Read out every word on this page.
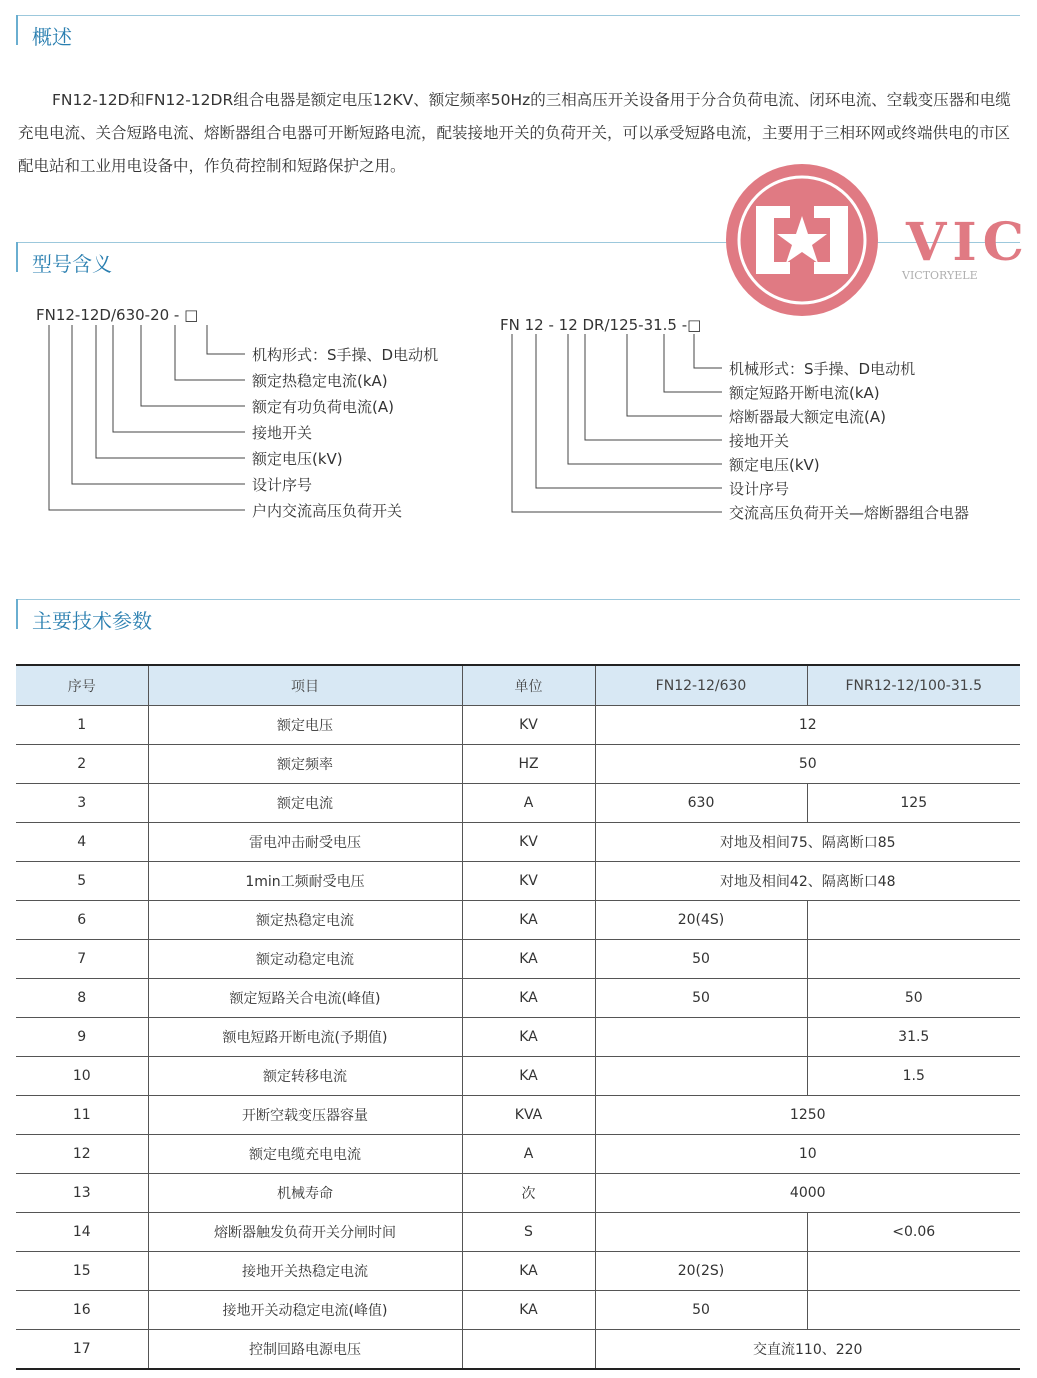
概述
FN12-12D和FN12-12DR组合电器是额定电压12KV、额定频率50Hz的三相高压开关设备用于分合负荷电流、闭环电流、空载变压器和电缆充电电流、关合短路电流、熔断器组合电器可开断短路电流，配装接地开关的负荷开关，可以承受短路电流，主要用于三相环网或终端供电的市区配电站和工业用电设备中，作负荷控制和短路保护之用。
型号含义	VIC
VICTORYELE
FN12-12D/630-20 - □
机构形式：S手操、D电动机
额定热稳定电流(kA)
额定有功负荷电流(A)
接地开关
额定电压(kV)
设计序号
户内交流高压负荷开关
FN 12 - 12 DR/125-31.5 -□
机械形式：S手操、D电动机
额定短路开断电流(kA)
熔断器最大额定电流(A)
接地开关
额定电压(kV)
设计序号
交流高压负荷开关—熔断器组合电器
主要技术参数
序号	项目	单位	FN12-12/630	FNR12-12/100-31.5
1	额定电压	KV	12	
2	额定频率	HZ	50	
3	额定电流	A	630	125
4	雷电冲击耐受电压	KV	对地及相间75、隔离断口85	
5	1min工频耐受电压	KV	对地及相间42、隔离断口48	
6	额定热稳定电流	KA	20(4S)	
7	额定动稳定电流	KA	50	
8	额定短路关合电流(峰值)	KA	50	50
9	额电短路开断电流(予期值)	KA		31.5
10	额定转移电流	KA		1.5
11	开断空载变压器容量	KVA	1250	
12	额定电缆充电电流	A	10	
13	机械寿命	次	4000	
14	熔断器触发负荷开关分闸时间	S		<0.06
15	接地开关热稳定电流	KA	20(2S)	
16	接地开关动稳定电流(峰值)	KA	50	
17	控制回路电源电压		交直流110、220	
